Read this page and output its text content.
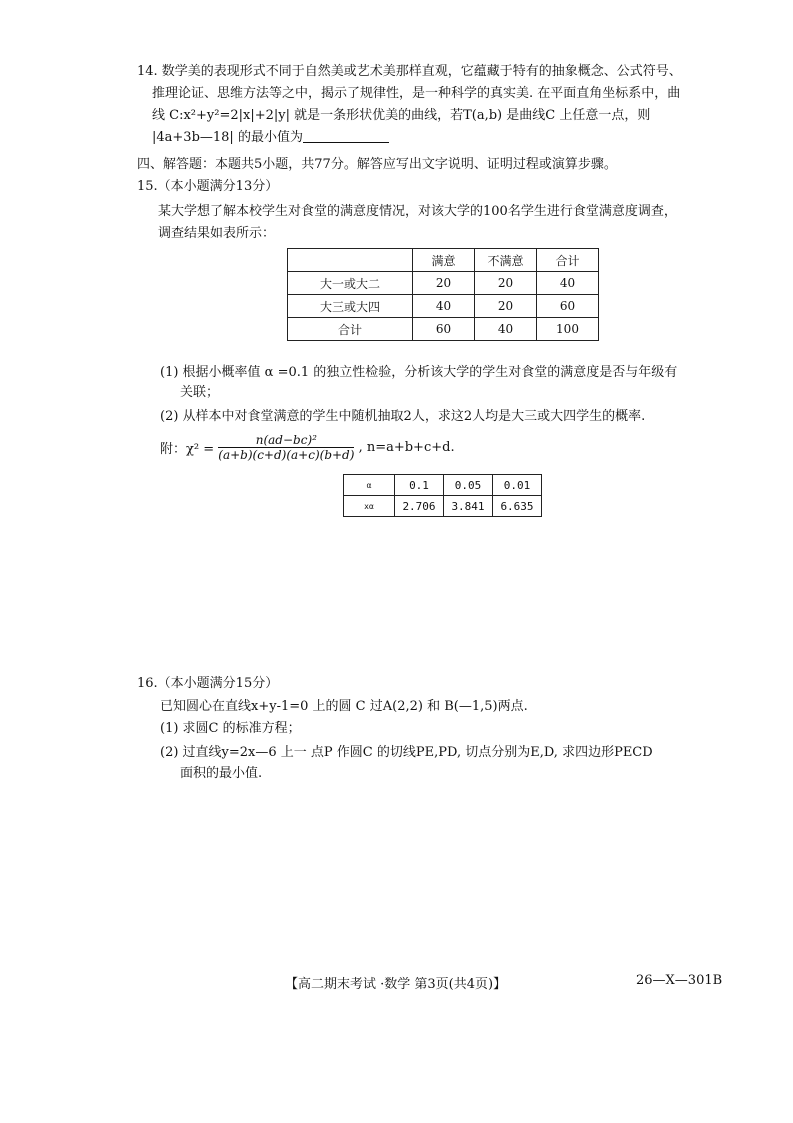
14. 数学美的表现形式不同于自然美或艺术美那样直观，它蕴藏于特有的抽象概念、公式符号、
推理论证、思维方法等之中，揭示了规律性，是一种科学的真实美. 在平面直角坐标系中，曲
线 C:x²+y²=2|x|+2|y| 就是一条形状优美的曲线，若T(a,b) 是曲线C 上任意一点，则
|4a+3b—18| 的最小值为
四、解答题：本题共5小题，共77分。解答应写出文字说明、证明过程或演算步骤。
15.（本小题满分13分）
某大学想了解本校学生对食堂的满意度情况，对该大学的100名学生进行食堂满意度调查，
调查结果如表所示：
	满意	不满意	合计
大一或大二	20	20	40
大三或大四	40	20	60
合计	60	40	100
(1) 根据小概率值 α =0.1 的独立性检验，分析该大学的学生对食堂的满意度是否与年级有
关联；
(2) 从样本中对食堂满意的学生中随机抽取2人，求这2人均是大三或大四学生的概率.
附：$\chi^2 = \frac{\text{n(ad−bc)²}}{(a+b)(c+d)(a+c)(b+d)}$ , n=a+b+c+d.
α	0.1	0.05	0.01
xα	2.706	3.841	6.635
16.（本小题满分15分）
已知圆心在直线x+y-1=0 上的圆 C 过A(2,2) 和 B(—1,5)两点.
(1) 求圆C 的标准方程；
(2) 过直线y=2x—6 上一 点P 作圆C 的切线PE,PD, 切点分别为E,D, 求四边形PECD
面积的最小值.
【高二期末考试 ·数学 第3页(共4页)】	26—X—301B
